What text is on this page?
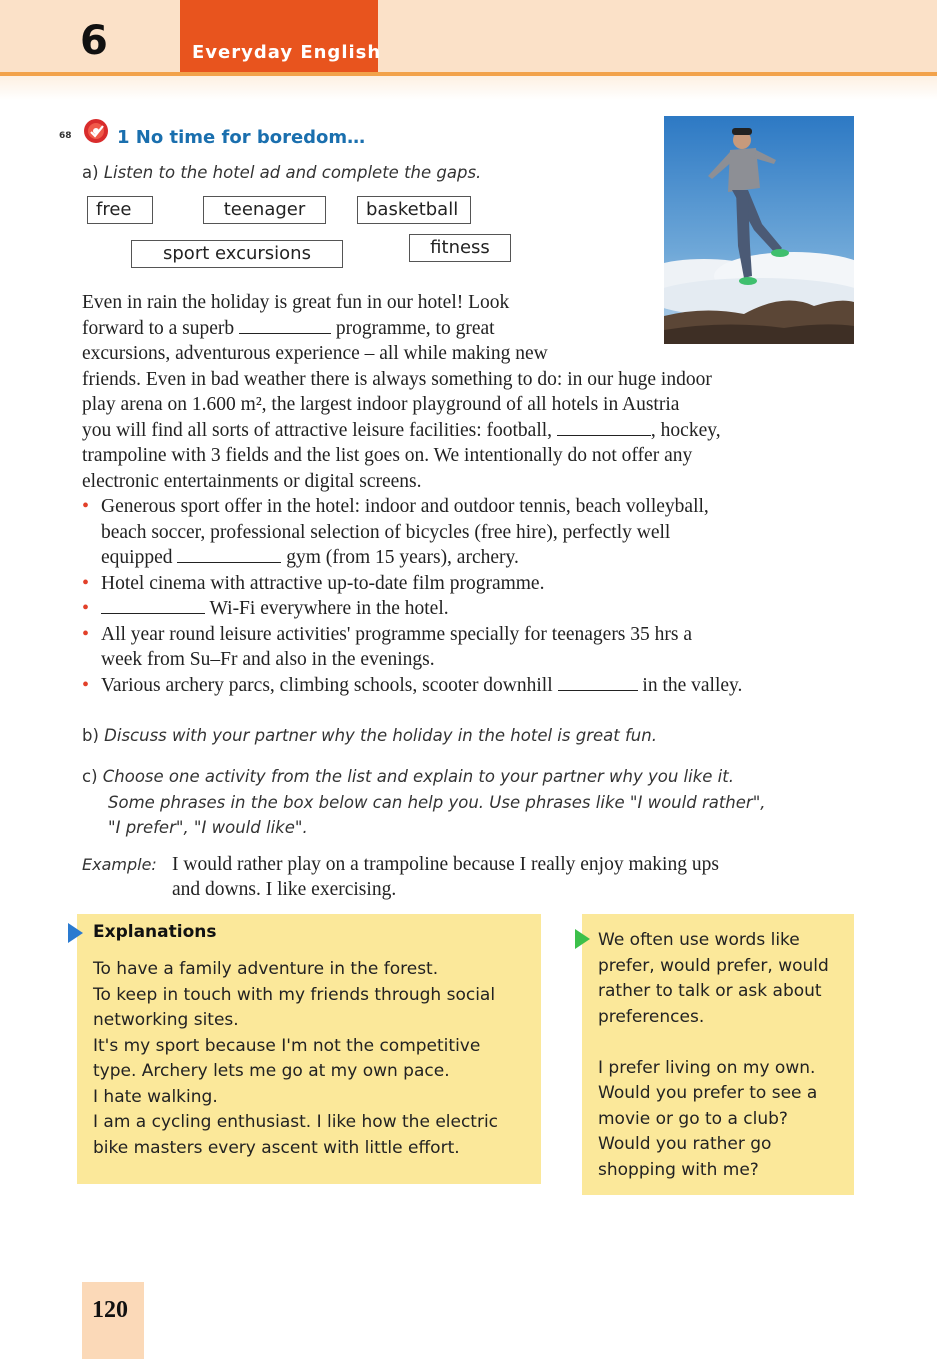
6	Everyday English
68	1 No time for boredom…
a) Listen to the hotel ad and complete the gaps.
free	teenager	basketball
sport excursions	fitness

Even in rain the holiday is great fun in our hotel! Look

forward to a superb	programme, to great

excursions, adventurous experience – all while making new

friends. Even in bad weather there is always something to do: in our huge indoor

play arena on 1.600 m², the largest indoor playground of all hotels in Austria

you will find all sorts of attractive leisure facilities: football,	, hockey,

trampoline with 3 fields and the list goes on. We intentionally do not offer any

electronic entertainments or digital screens.

• Generous sport offer in the hotel: indoor and outdoor tennis, beach volleyball,
beach soccer, professional selection of bicycles (free hire), perfectly well
equipped	gym (from 15 years), archery.
• Hotel cinema with attractive up-to-date film programme.
• Wi-Fi everywhere in the hotel.
• All year round leisure activities' programme specially for teenagers 35 hrs a
week from Su–Fr and also in the evenings.
• Various archery parcs, climbing schools, scooter downhill	in the valley.
b) Discuss with your partner why the holiday in the hotel is great fun.
c) Choose one activity from the list and explain to your partner why you like it.
Some phrases in the box below can help you. Use phrases like "I would rather",
"I prefer", "I would like".
Example: I would rather play on a trampoline because I really enjoy making ups
and downs. I like exercising.
Explanations
To have a family adventure in the forest.
To keep in touch with my friends through social
networking sites.
It's my sport because I'm not the competitive
type. Archery lets me go at my own pace.
I hate walking.
I am a cycling enthusiast. I like how the electric
bike masters every ascent with little effort.
We often use words like
prefer, would prefer, would
rather to talk or ask about
preferences.
I prefer living on my own.
Would you prefer to see a
movie or go to a club?
Would you rather go
shopping with me?
120
